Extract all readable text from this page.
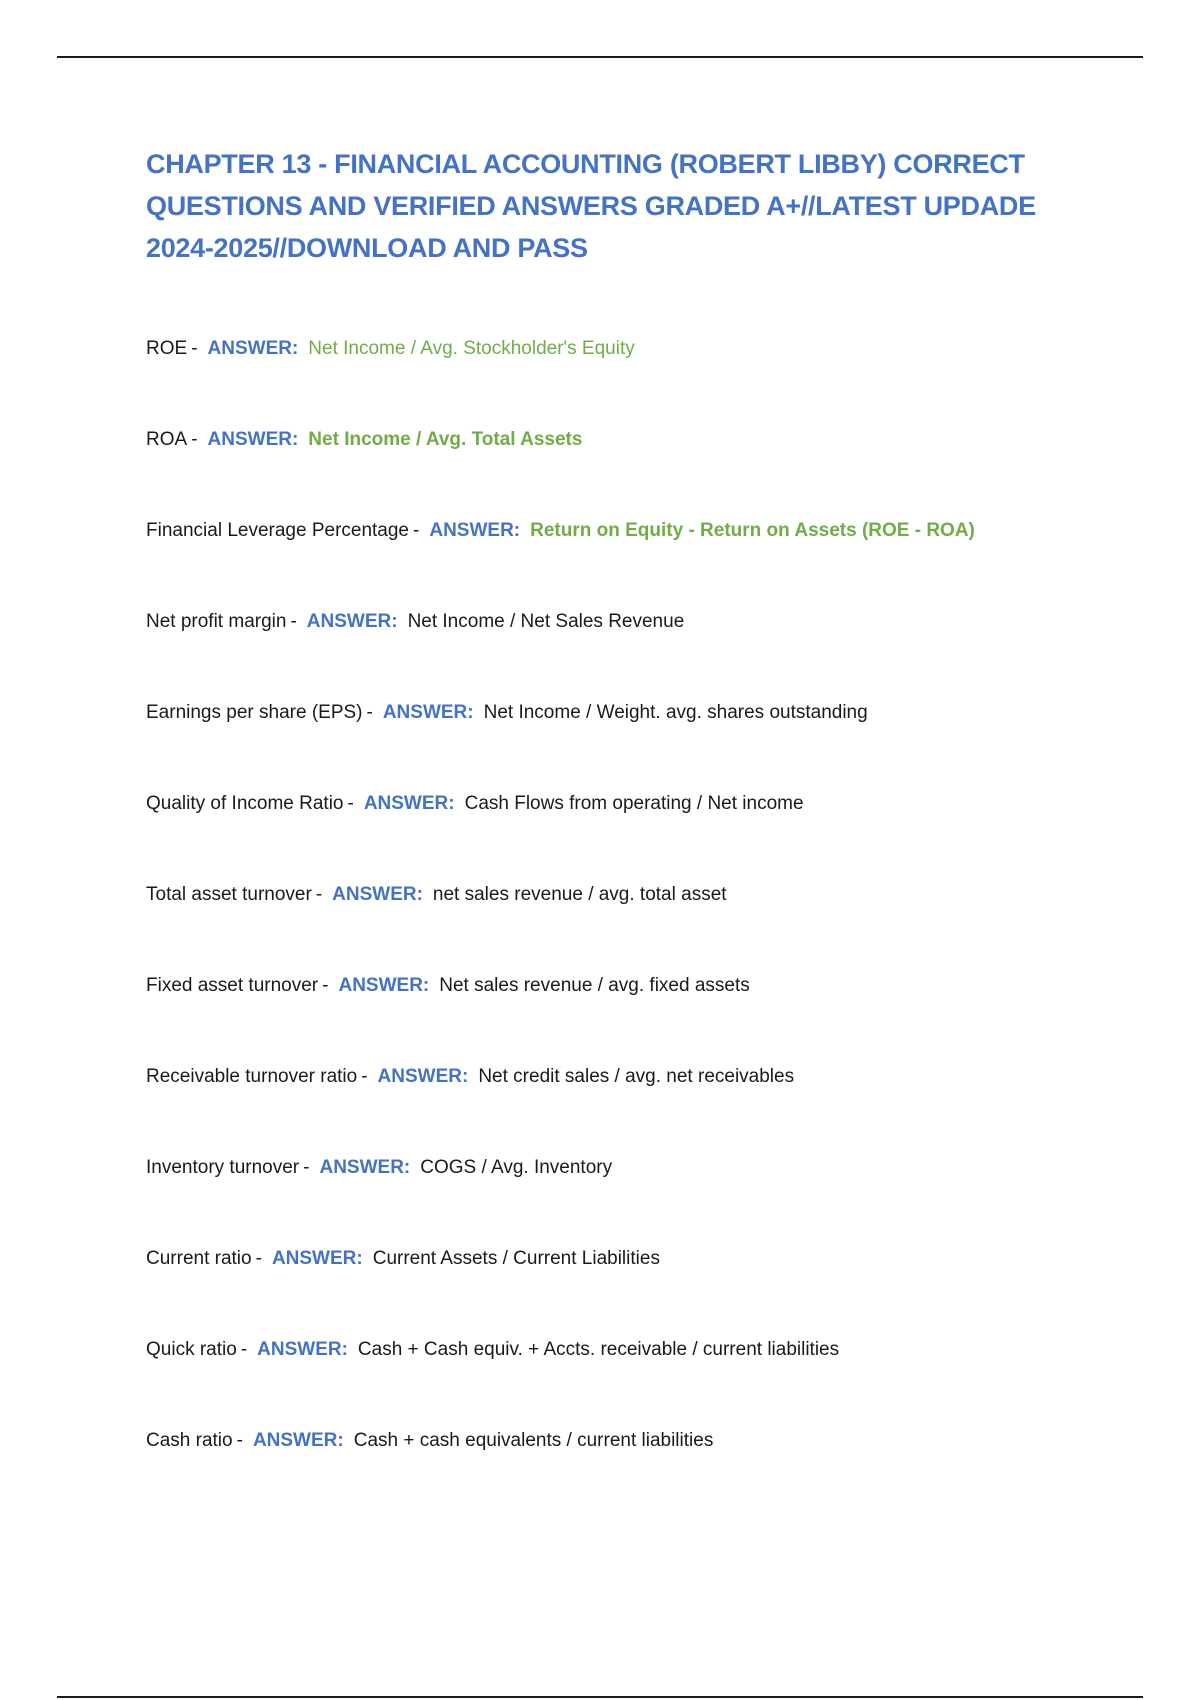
CHAPTER 13 - FINANCIAL ACCOUNTING (ROBERT LIBBY) CORRECT QUESTIONS AND VERIFIED ANSWERS GRADED A+//LATEST UPDADE 2024-2025//DOWNLOAD AND PASS
ROE - ANSWER: Net Income / Avg. Stockholder's Equity
ROA - ANSWER: Net Income / Avg. Total Assets
Financial Leverage Percentage - ANSWER: Return on Equity - Return on Assets (ROE - ROA)
Net profit margin - ANSWER: Net Income / Net Sales Revenue
Earnings per share (EPS) - ANSWER: Net Income / Weight. avg. shares outstanding
Quality of Income Ratio - ANSWER: Cash Flows from operating / Net income
Total asset turnover - ANSWER: net sales revenue / avg. total asset
Fixed asset turnover - ANSWER: Net sales revenue / avg. fixed assets
Receivable turnover ratio - ANSWER: Net credit sales / avg. net receivables
Inventory turnover - ANSWER: COGS / Avg. Inventory
Current ratio - ANSWER: Current Assets / Current Liabilities
Quick ratio - ANSWER: Cash + Cash equiv. + Accts. receivable / current liabilities
Cash ratio - ANSWER: Cash + cash equivalents / current liabilities
